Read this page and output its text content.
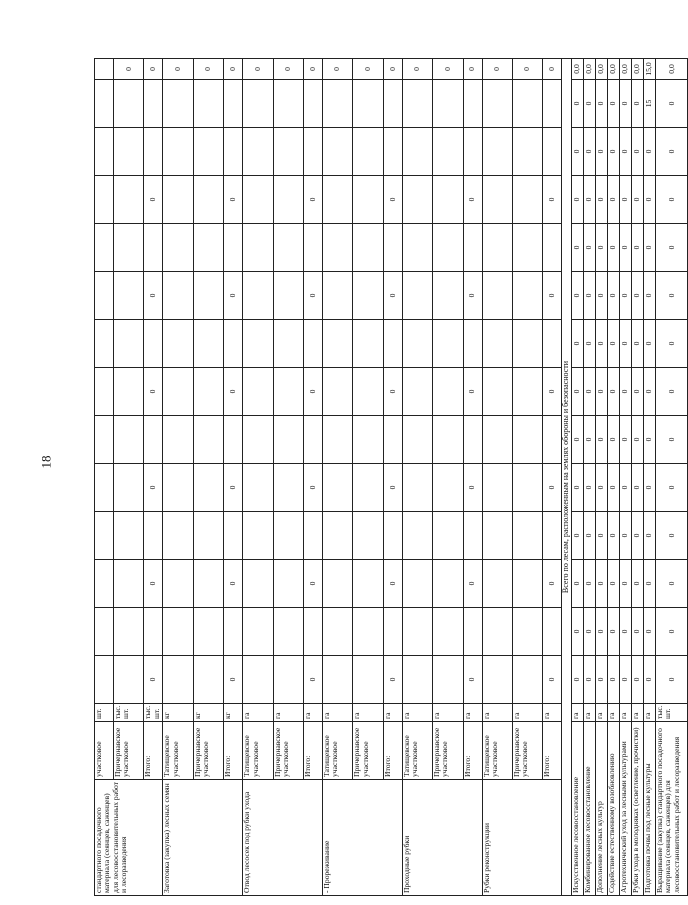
18
стандартного посадочного материала (сеянцев, саженцев) для лесовосстановительных работ и лесоразведения	участковое	шт.														
	Причернавское участковое	тыс. шт.														0
	Итого:	тыс. шт.	0		0		0		0		0		0			0
Заготовка (закупка) лесных семян	Татищевское участковое	кг														0
	Причернавское участковое	кг														0
	Итого:	кг	0		0		0		0		0		0			0
Отвод лесосек под рубки ухода	Татищевское участковое	га														0
	Причернавское участковое	га														0
	Итого:	га	0		0		0		0		0		0			0
- Прореживание	Татищевское участковое	га														0
	Причернавское участковое	га														0
	Итого:	га	0		0		0		0		0		0			0
Проходные рубки	Татищевское участковое	га														0
	Причернавское участковое	га														0
	Итого:	га	0		0		0		0		0		0			0
Рубки реконструкции	Татищевское участковое	га														0
	Причернавское участковое	га														0
	Итого:	га	0		0		0		0		0		0			0
Всего по лесам, расположенным на землях обороны и безопасности																
Искусственное лесовосстановление		га	0	0	0	0	0	0	0	0	0	0	0	0	0	0,0
Комбинированное лесовосстановление		га	0	0	0	0	0	0	0	0	0	0	0	0	0	0,0
Дополнение лесных культур		га	0	0	0	0	0	0	0	0	0	0	0	0	0	0,0
Содействие естественному возобновлению		га	0	0	0	0	0	0	0	0	0	0	0	0	0	0,0
Агротехнический уход за лесными культурами		га	0	0	0	0	0	0	0	0	0	0	0	0	0	0,0
Рубки ухода в молодняках (осветление, прочистки)		га	0	0	0	0	0	0	0	0	0	0	0	0	0	0,0
Подготовка почвы под лесные культуры		га	0	0	0	0	0	0	0	0	0	0	0	0	15	15,0
Выращивание (закупка) стандартного посадочного материала (сеянцев, саженцев) для лесовосстановительных работ и лесоразведения		тыс. шт.	0	0	0	0	0	0	0	0	0	0	0	0	0	0,0
